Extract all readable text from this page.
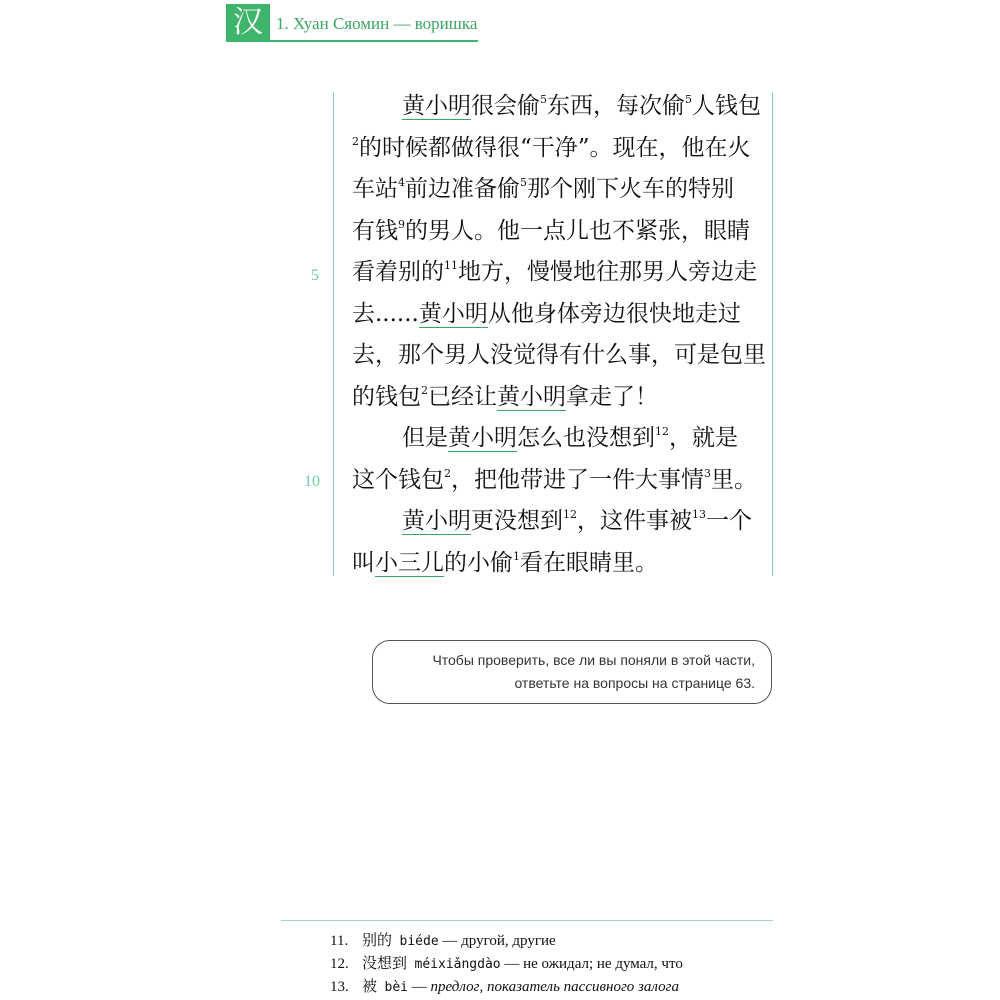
汉 1. Хуан Сяомин — воришка
5
10

黄小明很会偷$^5$东西，每次偷$^5$人钱包

$^2$的时候都做得很“干净”。现在，他在火

车站$^4$前边准备偷$^5$那个刚下火车的特别

有钱$^9$的男人。他一点儿也不紧张，眼睛

看着别的$^{11}$地方，慢慢地往那男人旁边走

去......黄小明从他身体旁边很快地走过

去，那个男人没觉得有什么事，可是包里

的钱包$^2$已经让黄小明拿走了！

但是黄小明怎么也没想到$^{12}$，就是

这个钱包$^2$，把他带进了一件大事情$^3$里。

黄小明更没想到$^{12}$，这件事被$^{13}$一个

叫小三儿的小偷$^1$看在眼睛里。

Чтобы проверить, все ли вы поняли в этой части,
ответьте на вопросы на странице 63.
11. 别的 biéde — другой, другие
12. 没想到 méixiǎngdào — не ожидал; не думал, что
13. 被 bèi — предлог, показатель пассивного залога
